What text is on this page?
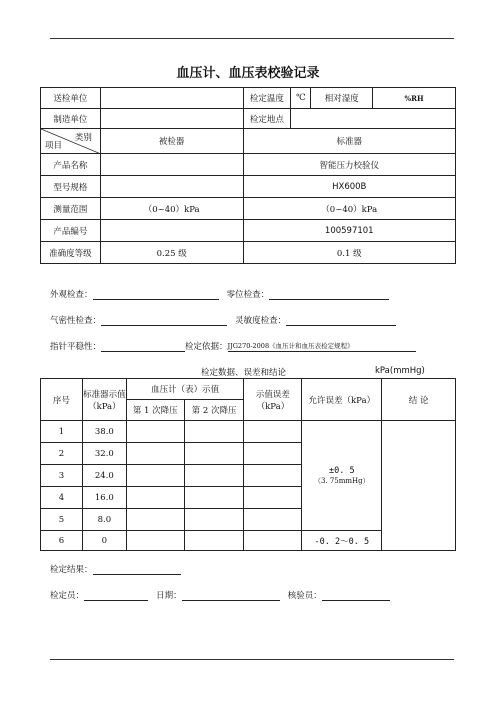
血压计、血压表校验记录
送检单位		检定温度	℃	相对湿度	%RH
制造单位		检定地点			

类别
项目	被检器	标准器			
产品名称		智能压力校验仪			
型号规格		HX600B			
测量范围	（0~40）kPa	（0~40）kPa			
产品编号		100597101			
准确度等级	0.25 级	0.1 级			
外观检查：	零位检查：
气密性检查：	灵敏度检查：
指针平稳性：	检定依据：JJG270-2008《血压计和血压表检定规程》
检定数据、误差和结论	kPa(mmHg)
序号	标准器示值（kPa）	血压计（表）示值		示值误差（kPa）	允许误差（kPa）	结 论
		第 1 次降压	第 2 次降压			
1	38.0				±0. 5
（3. 75mmHg）	

2	32.0					
3	24.0					
4	16.0					
5	8.0					
6	0				-0. 2～0. 5	
检定结果：
检定员：	日期：	核验员：
